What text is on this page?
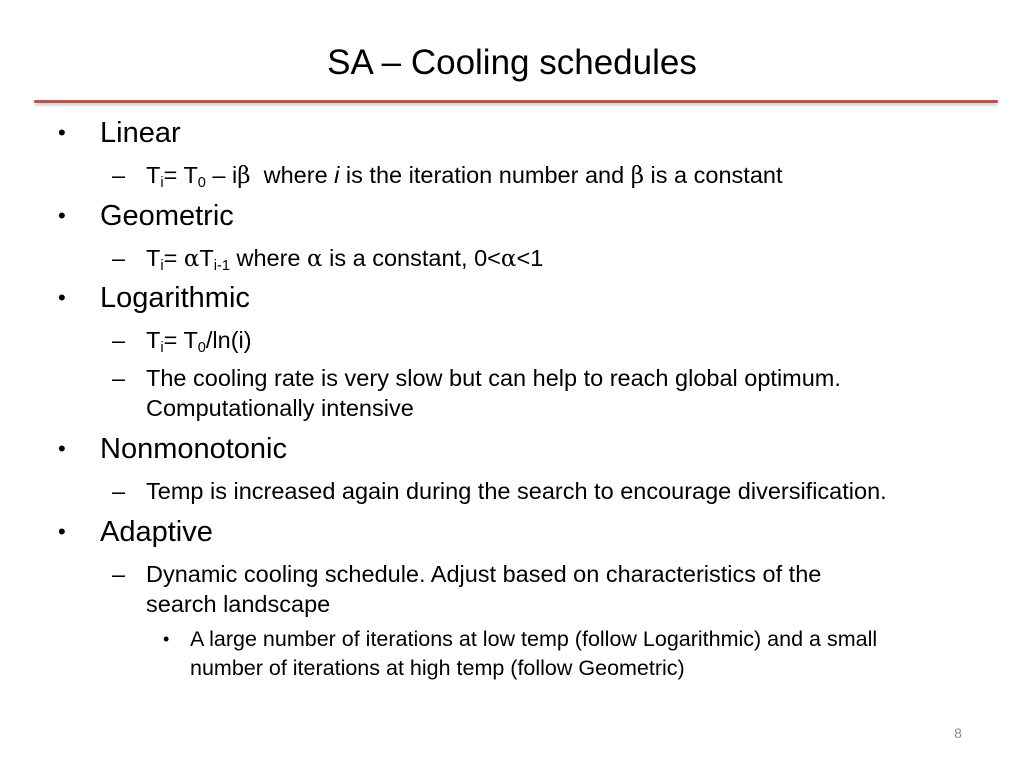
SA – Cooling schedules
• Linear
– $T_i= T_0 - i\beta$  where i is the iteration number and β is a constant
• Geometric
– $T_i= \alpha T_{i-1}$ where α is a constant, 0<α<1
• Logarithmic
– $T_i= T_0/\ln(i)$
– The cooling rate is very slow but can help to reach global optimum.
Computationally intensive
• Nonmonotonic
– Temp is increased again during the search to encourage diversification.
• Adaptive
– Dynamic cooling schedule. Adjust based on characteristics of the
search landscape
• A large number of iterations at low temp (follow Logarithmic) and a small
number of iterations at high temp (follow Geometric)
8
